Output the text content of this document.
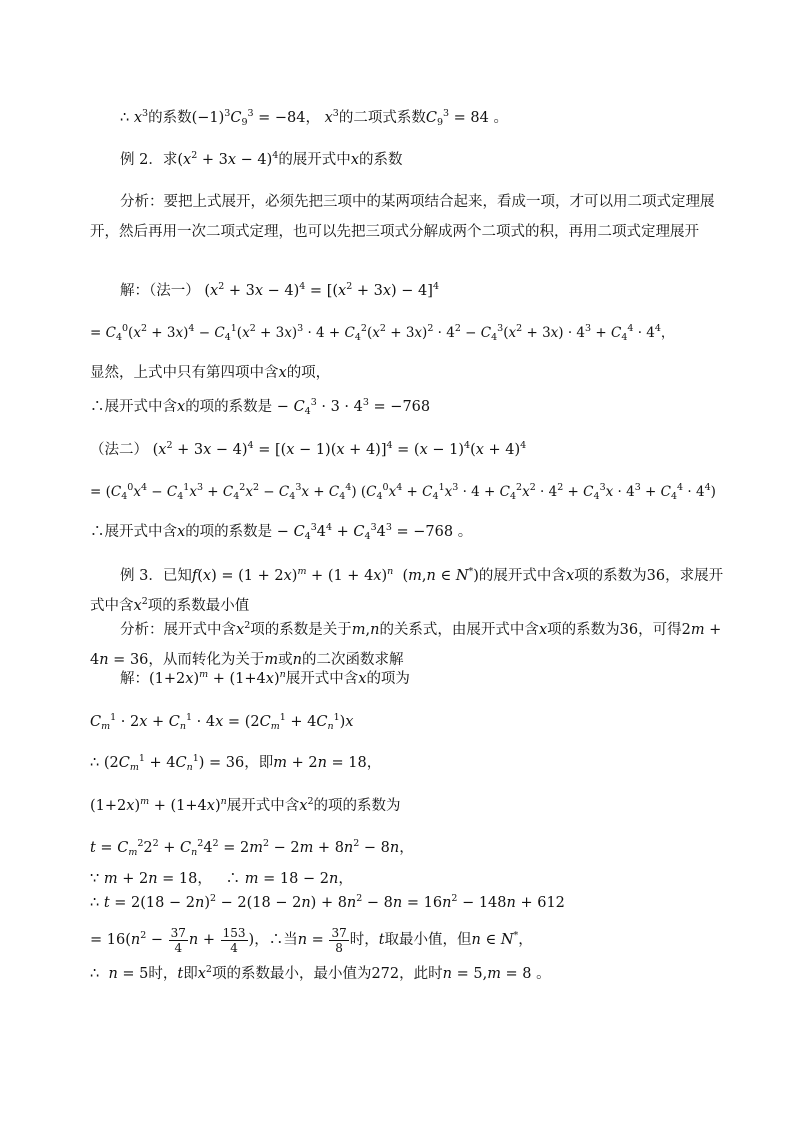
∴ $x^3$的系数$(-1)^3C_9^3 = -84$， $x^3$的二项式系数$C_9^3 = 84$ 。
例 2．求$(x^2 + 3x - 4)^4$的展开式中x的系数
分析：要把上式展开，必须先把三项中的某两项结合起来，看成一项，才可以用二项式定理展开，然后再用一次二项式定理，也可以先把三项式分解成两个二项式的积，再用二项式定理展开
解：（法一） $(x^2 + 3x - 4)^4 = [(x^2 + 3x) - 4]^4$
= $C_4^0(x^2 + 3x)^4 - C_4^1(x^2 + 3x)^3 \cdot 4 + C_4^2(x^2 + 3x)^2 \cdot 4^2 - C_4^3(x^2 + 3x) \cdot 4^3 + C_4^4 \cdot 4^4$，
显然，上式中只有第四项中含x的项，
∴展开式中含x的项的系数是 − $C_4^3 \cdot 3 \cdot 4^3 = -768$
（法二） $(x^2 + 3x - 4)^4 = [(x - 1)(x + 4)]^4 = (x - 1)^4(x + 4)^4$
= $(C_4^0x^4 - C_4^1x^3 + C_4^2x^2 - C_4^3x + C_4^4) (C_4^0x^4 + C_4^1x^3 \cdot 4 + C_4^2x^2 \cdot 4^2 + C_4^3x \cdot 4^3 + C_4^4 \cdot 4^4)$
∴展开式中含x的项的系数是 − $C_4^34^4 + C_4^34^3 = -768$ 。
例 3．已知$f(x) = (1 + 2x)^m + (1 + 4x)^n$  (m,n ∈ N*)的展开式中含x项的系数为36，求展开式中含$x^2$项的系数最小值
分析：展开式中含$x^2$项的系数是关于m,n的关系式，由展开式中含x项的系数为36，可得2m + 4n = 36，从而转化为关于m或n的二次函数求解
解：$(1+2x)^m + (1+4x)^n$展开式中含x的项为
$C_m^1 \cdot 2x + C_n^1 \cdot 4x = (2C_m^1 + 4C_n^1)x$
∴ $(2C_m^1 + 4C_n^1) = 36$，即m + 2n = 18，
$(1+2x)^m + (1+4x)^n$展开式中含$x^2$的项的系数为
$t = C_m^22^2 + C_n^24^2 = 2m^2 - 2m + 8n^2 - 8n$，
∵ m + 2n = 18，   ∴ m = 18 − 2n，
∴ $t = 2(18 - 2n)^2 - 2(18 - 2n) + 8n^2 - 8n = 16n^2 - 148n + 612$
= $16(n^2 - \frac{37}{4}$ $n + \frac{153}{4}$ )，∴当$n = \frac{37}{8}$ 时，t取最小值，但n ∈ N*，
∴  n = 5时，t即$x^2$项的系数最小，最小值为272，此时n = 5,m = 8 。
